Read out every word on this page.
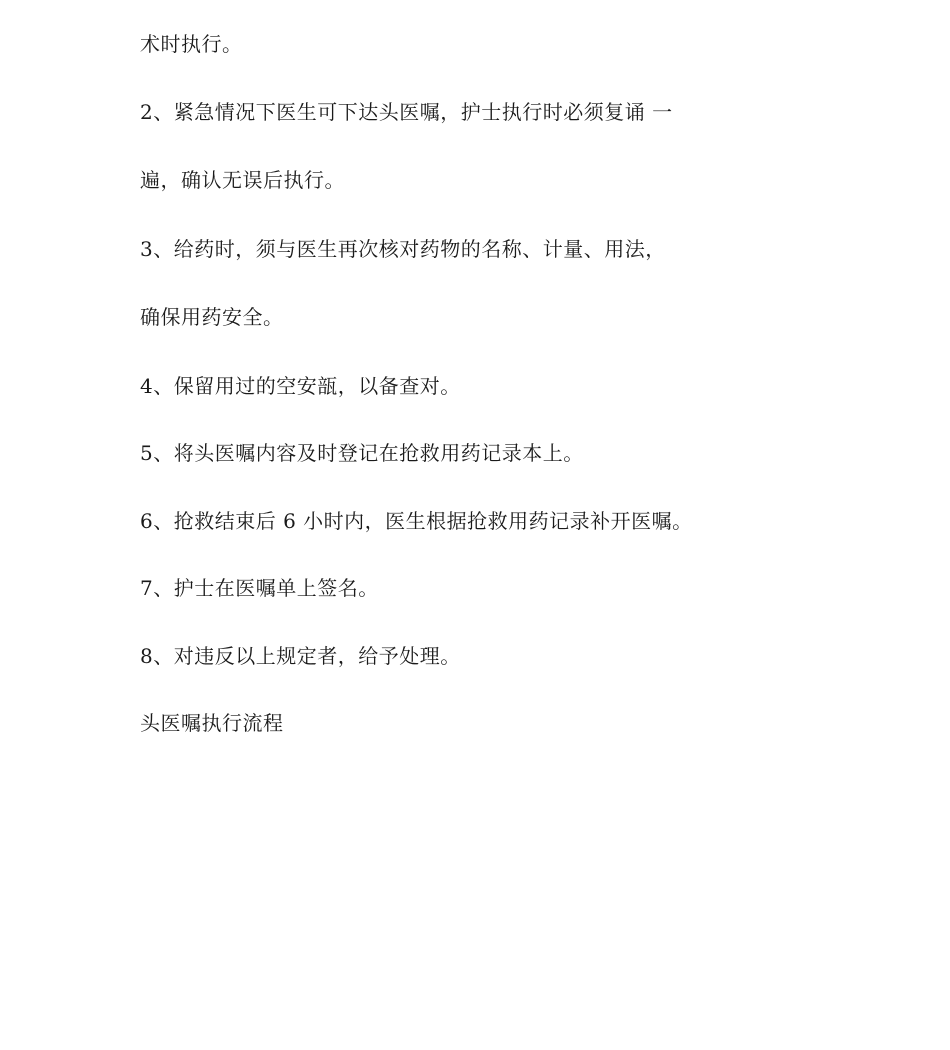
术时执行。
2、紧急情况下医生可下达头医嘱，护士执行时必须复诵 一
遍，确认无误后执行。
3、给药时，须与医生再次核对药物的名称、计量、用法，
确保用药安全。
4、保留用过的空安瓿，以备查对。
5、将头医嘱内容及时登记在抢救用药记录本上。
6、抢救结束后 6 小时内，医生根据抢救用药记录补开医嘱。
7、护士在医嘱单上签名。
8、对违反以上规定者，给予处理。
头医嘱执行流程
